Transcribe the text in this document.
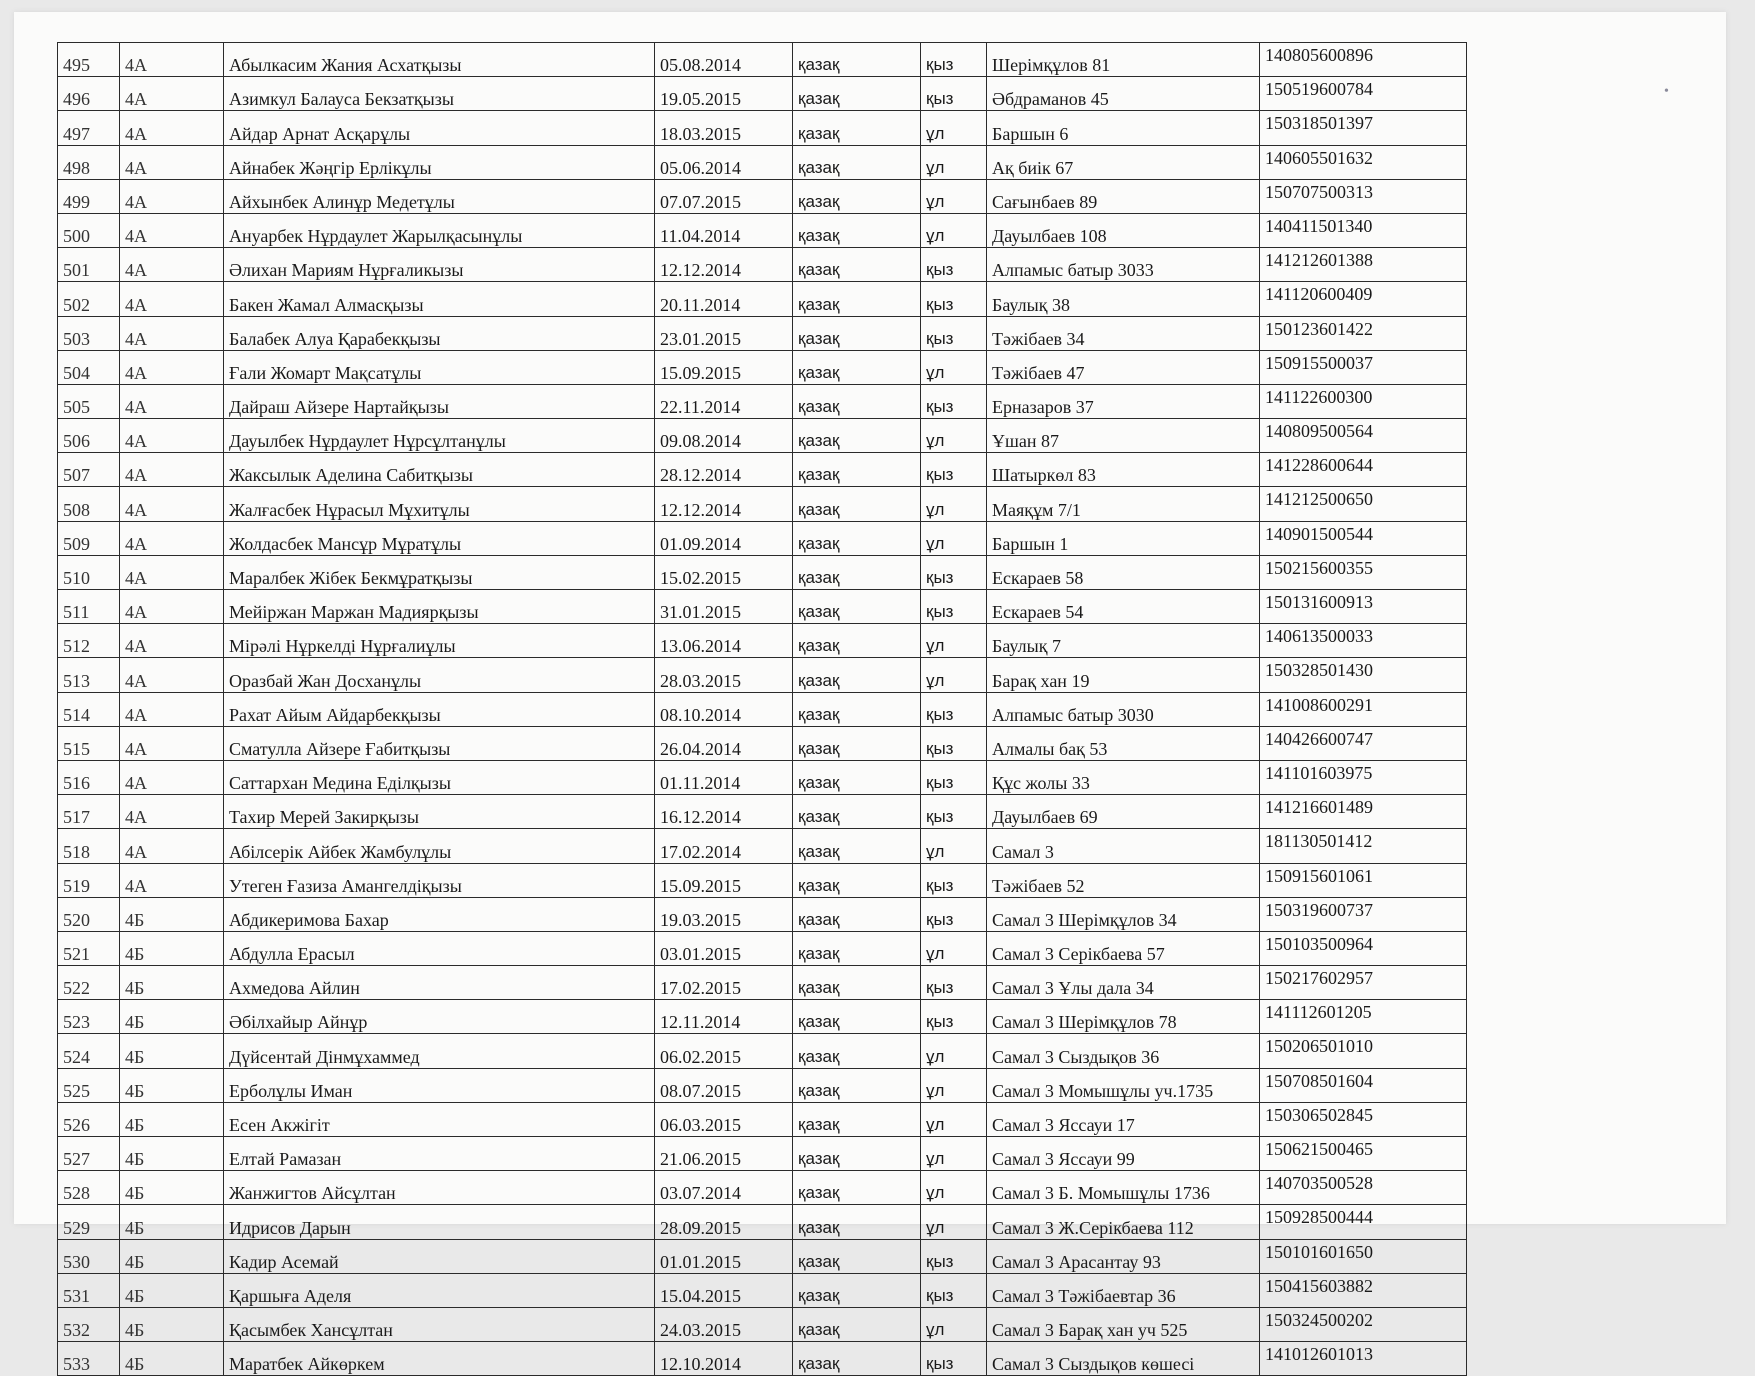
•
495	4А	Абылкасим Жания Асхатқызы	05.08.2014	қазақ	қыз	Шерімқұлов 81	140805600896
496	4А	Азимкул Балауса Бекзатқызы	19.05.2015	қазақ	қыз	Әбдраманов 45	150519600784
497	4А	Айдар Арнат Асқарұлы	18.03.2015	қазақ	ұл	Баршын 6	150318501397
498	4А	Айнабек Жәңгір Ерлікұлы	05.06.2014	қазақ	ұл	Ақ биік 67	140605501632
499	4А	Айхынбек Алинұр Медетұлы	07.07.2015	қазақ	ұл	Сағынбаев 89	150707500313
500	4А	Ануарбек Нұрдаулет Жарылқасынұлы	11.04.2014	қазақ	ұл	Дауылбаев 108	140411501340
501	4А	Әлихан Мариям Нұрғаликызы	12.12.2014	қазақ	қыз	Алпамыс батыр 3033	141212601388
502	4А	Бакен Жамал Алмасқызы	20.11.2014	қазақ	қыз	Баулық 38	141120600409
503	4А	Балабек Алуа Қарабекқызы	23.01.2015	қазақ	қыз	Тәжібаев 34	150123601422
504	4А	Ғали Жомарт Мақсатұлы	15.09.2015	қазақ	ұл	Тәжібаев 47	150915500037
505	4А	Дайраш Айзере Нартайқызы	22.11.2014	қазақ	қыз	Ерназаров 37	141122600300
506	4А	Дауылбек Нұрдаулет Нұрсұлтанұлы	09.08.2014	қазақ	ұл	Ұшан 87	140809500564
507	4А	Жаксылык Аделина Сабитқызы	28.12.2014	қазақ	қыз	Шатыркөл 83	141228600644
508	4А	Жалғасбек Нұрасыл Мұхитұлы	12.12.2014	қазақ	ұл	Маяқұм 7/1	141212500650
509	4А	Жолдасбек Мансұр Мұратұлы	01.09.2014	қазақ	ұл	Баршын 1	140901500544
510	4А	Маралбек Жібек Бекмұратқызы	15.02.2015	қазақ	қыз	Ескараев 58	150215600355
511	4А	Мейіржан Маржан Мадиярқызы	31.01.2015	қазақ	қыз	Ескараев 54	150131600913
512	4А	Мірәлі Нұркелді Нұрғалиұлы	13.06.2014	қазақ	ұл	Баулық 7	140613500033
513	4А	Оразбай Жан Досханұлы	28.03.2015	қазақ	ұл	Барақ хан 19	150328501430
514	4А	Рахат Айым Айдарбекқызы	08.10.2014	қазақ	қыз	Алпамыс батыр 3030	141008600291
515	4А	Сматулла Айзере Ғабитқызы	26.04.2014	қазақ	қыз	Алмалы бақ 53	140426600747
516	4А	Саттархан Медина Еділқызы	01.11.2014	қазақ	қыз	Құс жолы 33	141101603975
517	4А	Тахир Мерей Закирқызы	16.12.2014	қазақ	қыз	Дауылбаев 69	141216601489
518	4А	Абілсерік Айбек Жамбулұлы	17.02.2014	қазақ	ұл	Самал 3	181130501412
519	4А	Утеген Ғазиза Амангелдіқызы	15.09.2015	қазақ	қыз	Тәжібаев 52	150915601061
520	4Б	Абдикеримова Бахар	19.03.2015	қазақ	қыз	Самал 3 Шерімқұлов 34	150319600737
521	4Б	Абдулла Ерасыл	03.01.2015	қазақ	ұл	Самал 3 Серікбаева 57	150103500964
522	4Б	Ахмедова Айлин	17.02.2015	қазақ	қыз	Самал 3 Ұлы дала 34	150217602957
523	4Б	Әбілхайыр Айнұр	12.11.2014	қазақ	қыз	Самал 3 Шерімқұлов 78	141112601205
524	4Б	Дүйсентай Дінмұхаммед	06.02.2015	қазақ	ұл	Самал 3 Сыздықов 36	150206501010
525	4Б	Ерболұлы Иман	08.07.2015	қазақ	ұл	Самал 3 Момышұлы уч.1735	150708501604
526	4Б	Есен Акжігіт	06.03.2015	қазақ	ұл	Самал 3 Яссауи 17	150306502845
527	4Б	Елтай Рамазан	21.06.2015	қазақ	ұл	Самал 3 Яссауи 99	150621500465
528	4Б	Жанжигтов Айсұлтан	03.07.2014	қазақ	ұл	Самал 3 Б. Момышұлы 1736	140703500528
529	4Б	Идрисов Дарын	28.09.2015	қазақ	ұл	Самал 3 Ж.Серікбаева 112	150928500444
530	4Б	Кадир Асемай	01.01.2015	қазақ	қыз	Самал 3 Арасантау 93	150101601650
531	4Б	Қаршыға Аделя	15.04.2015	қазақ	қыз	Самал 3 Тәжібаевтар 36	150415603882
532	4Б	Қасымбек Хансұлтан	24.03.2015	қазақ	ұл	Самал 3 Барақ хан уч 525	150324500202
533	4Б	Маратбек Айкөркем	12.10.2014	қазақ	қыз	Самал 3 Сыздықов көшесі	141012601013
